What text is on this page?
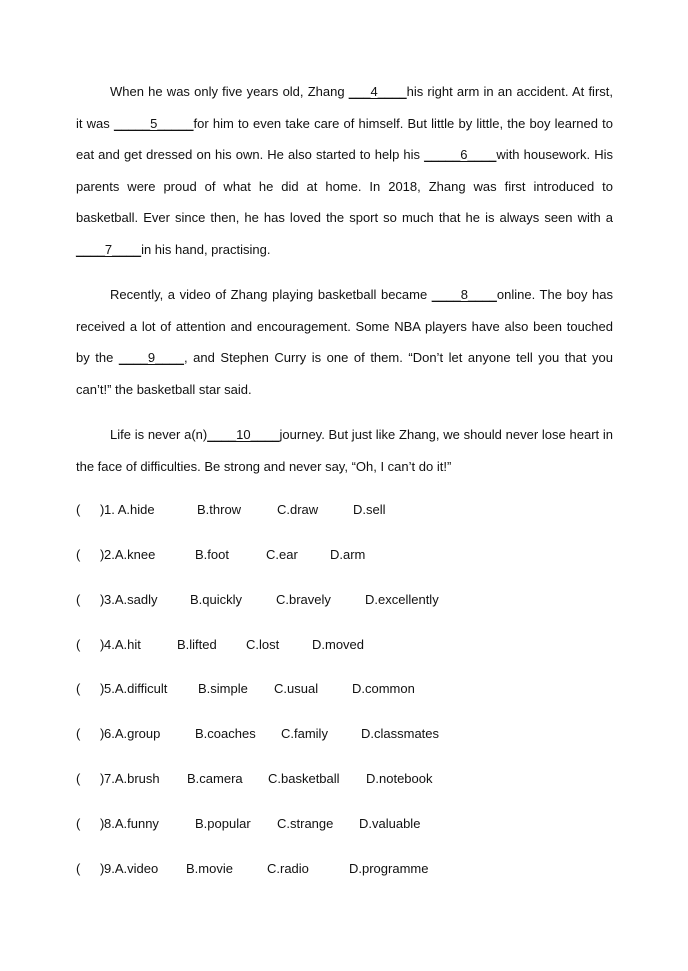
When he was only five years old, Zhang ___4____his right arm in an accident. At first, it was _____5_____for him to even take care of himself. But little by little, the boy learned to eat and get dressed on his own. He also started to help his _____6____with housework. His parents were proud of what he did at home. In 2018, Zhang was first introduced to basketball. Ever since then, he has loved the sport so much that he is always seen with a ____7____in his hand, practising.

Recently, a video of Zhang playing basketball became ____8____online. The boy has received a lot of attention and encouragement. Some NBA players have also been touched by the ____9____, and Stephen Curry is one of them. “Don’t let anyone tell you that you can’t!” the basketball star said.

Life is never a(n)____10____journey. But just like Zhang, we should never lose heart in the face of difficulties. Be strong and never say, “Oh, I can’t do it!”

( ) 1. A.hide	B.throw	C.draw	D.sell
( ) 2.A.knee	B.foot	C.ear D.arm
( ) 3.A.sadly	B.quickly	C.bravely	D.excellently
( ) 4.A.hit	B.lifted C.lost	D.moved
( ) 5.A.difficult B.simple C.usual	D.common
( ) 6.A.group	B.coaches C.family	D.classmates
( ) 7.A.brush B.camera C.basketball D.notebook
( ) 8.A.funny	B.popular C.strange D.valuable
( ) 9.A.video B.movie	C.radio	D.programme
